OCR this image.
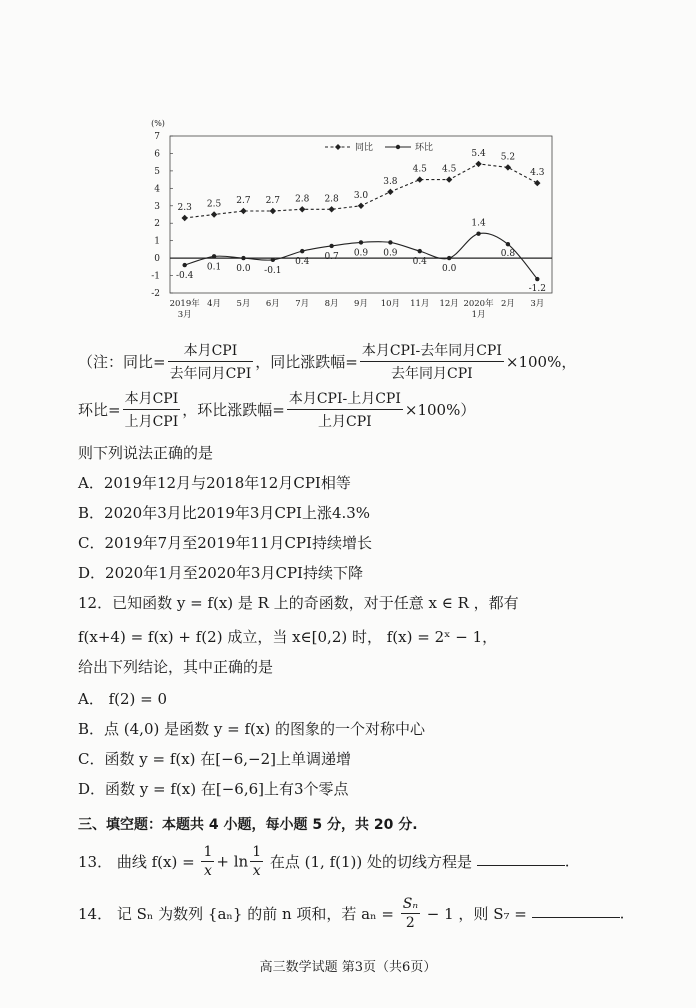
(%)
7
6
5
4
3
2
1
0
-1
-2
2019年
3月
4月 5月 6月 7月 8月 9月 10月 11月 12月 2020年
1月
2月 3月
2.3 2.5 2.7 2.7 2.8 2.8 3.0
3.8
4.5 4.5
5.4 5.2
4.3
-0.4
0.1 0.0 -0.1
0.4
0.7 0.9 0.9
0.4
0.0
1.4
0.8
-1.2
同比	环比
（注：同比= $\frac{\text{本月CPI}}{\text{去年同月CPI}}$ ，同比涨跌幅= $\frac{\text{本月CPI-去年同月CPI}}{\text{去年同月CPI}} \times 100\%$，
环比= $\frac{\text{本月CPI}}{\text{上月CPI}}$ ，环比涨跌幅= $\frac{\text{本月CPI-上月CPI}}{\text{上月CPI}} \times 100\%$）
则下列说法正确的是
A．2019年12月与2018年12月CPI相等
B．2020年3月比2019年3月CPI上涨4.3%
C．2019年7月至2019年11月CPI持续增长
D．2020年1月至2020年3月CPI持续下降
12．已知函数 y = f(x) 是 R 上的奇函数，对于任意 x ∈ R ，都有
f(x+4) = f(x) + f(2) 成立，当 x∈[0,2) 时， f(x) = 2ˣ − 1，
给出下列结论，其中正确的是
A． f(2) = 0
B．点 (4,0) 是函数 y = f(x) 的图象的一个对称中心
C．函数 y = f(x) 在[−6,−2]上单调递增
D．函数 y = f(x) 在[−6,6]上有3个零点
三、填空题：本题共 4 小题，每小题 5 分，共 20 分.
13． 曲线 $f(x) = \frac{1}{x} + \ln \frac{1}{x}$ 在点 (1, f(1)) 处的切线方程是	.
14． 记 Sₙ 为数列 {aₙ} 的前 n 项和，若 $a_n = \frac{\text{Sₙ}}{2} - 1$ ，则 S₇ =	.
高三数学试题 第3页（共6页）
